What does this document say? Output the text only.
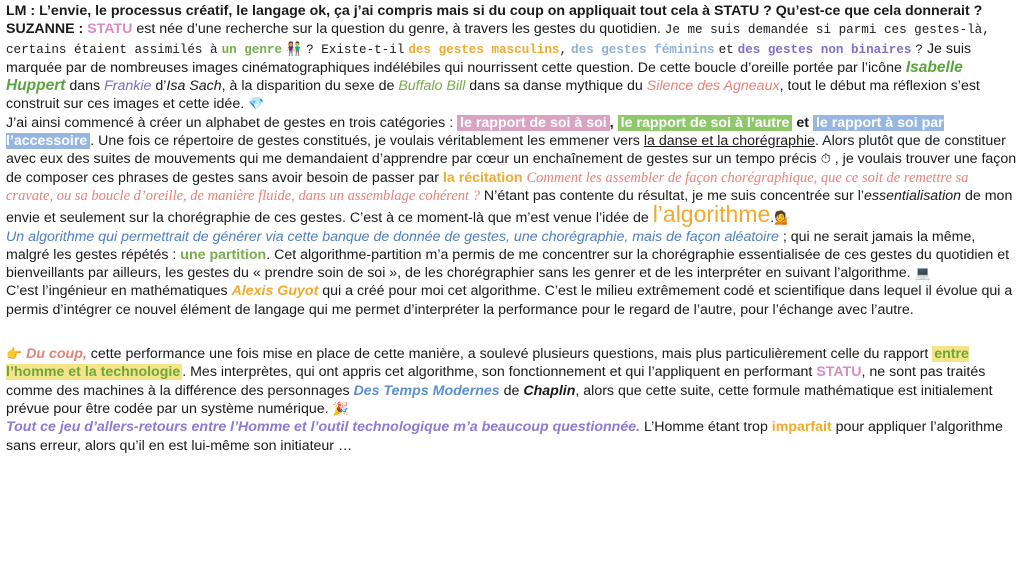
LM : L’envie, le processus créatif, le langage ok, ça j’ai compris mais si du coup on appliquait tout cela à STATU ? Qu’est-ce que cela donnerait ?

SUZANNE : STATU est née d’une recherche sur la question du genre, à travers les gestes du quotidien. Je me suis demandée si parmi ces gestes-là, certains étaient assimilés à un genre 👫 ? Existe-t-il des gestes masculins, des gestes féminins et des gestes non binaires ? Je suis marquée par de nombreuses images cinématographiques indélébiles qui nourrissent cette question. De cette boucle d’oreille portée par l’icône Isabelle Huppert dans Frankie d’Isa Sach, à la disparition du sexe de Buffalo Bill dans sa danse mythique du Silence des Agneaux, tout le début ma réflexion s’est construit sur ces images et cette idée. 💎

J’ai ainsi commencé à créer un alphabet de gestes en trois catégories : le rapport de soi à soi , le rapport de soi à l’autre et le rapport à soi par l’accessoire . Une fois ce répertoire de gestes constitués, je voulais véritablement les emmener vers la danse et la chorégraphie. Alors plutôt que de constituer avec eux des suites de mouvements qui me demandaient d’apprendre par cœur un enchaînement de gestes sur un tempo précis ⏱ , je voulais trouver une façon de composer ces phrases de gestes sans avoir besoin de passer par la récitation Comment les assembler de façon chorégraphique, que ce soit de remettre sa cravate, ou sa boucle d’oreille, de manière fluide, dans un assemblage cohérent ? N’étant pas contente du résultat, je me suis concentrée sur l’essentialisation de mon envie et seulement sur la chorégraphie de ces gestes. C’est à ce moment-là que m’est venue l’idée de l’algorithme.💁

Un algorithme qui permettrait de générer via cette banque de donnée de gestes, une chorégraphie, mais de façon aléatoire ; qui ne serait jamais la même, malgré les gestes répétés : une partition. Cet algorithme-partition m’a permis de me concentrer sur la chorégraphie essentialisée de ces gestes du quotidien et bienveillants par ailleurs, les gestes du « prendre soin de soi », de les chorégraphier sans les genrer et de les interpréter en suivant l’algorithme. 💻

C’est l’ingénieur en mathématiques Alexis Guyot qui a créé pour moi cet algorithme. C’est le milieu extrêmement codé et scientifique dans lequel il évolue qui a permis d’intégrer ce nouvel élément de langage qui me permet d’interpréter la performance pour le regard de l’autre, pour l’échange avec l’autre.

👉 Du coup, cette performance une fois mise en place de cette manière, a soulevé plusieurs questions, mais plus particulièrement celle du rapport entre l’homme et la technologie . Mes interprètes, qui ont appris cet algorithme, son fonctionnement et qui l’appliquent en performant STATU, ne sont pas traités comme des machines à la différence des personnages Des Temps Modernes de Chaplin, alors que cette suite, cette formule mathématique est initialement prévue pour être codée par un système numérique. 🎉

Tout ce jeu d’allers-retours entre l’Homme et l’outil technologique m’a beaucoup questionnée. L’Homme étant trop imparfait pour appliquer l’algorithme sans erreur, alors qu’il en est lui-même son initiateur …
